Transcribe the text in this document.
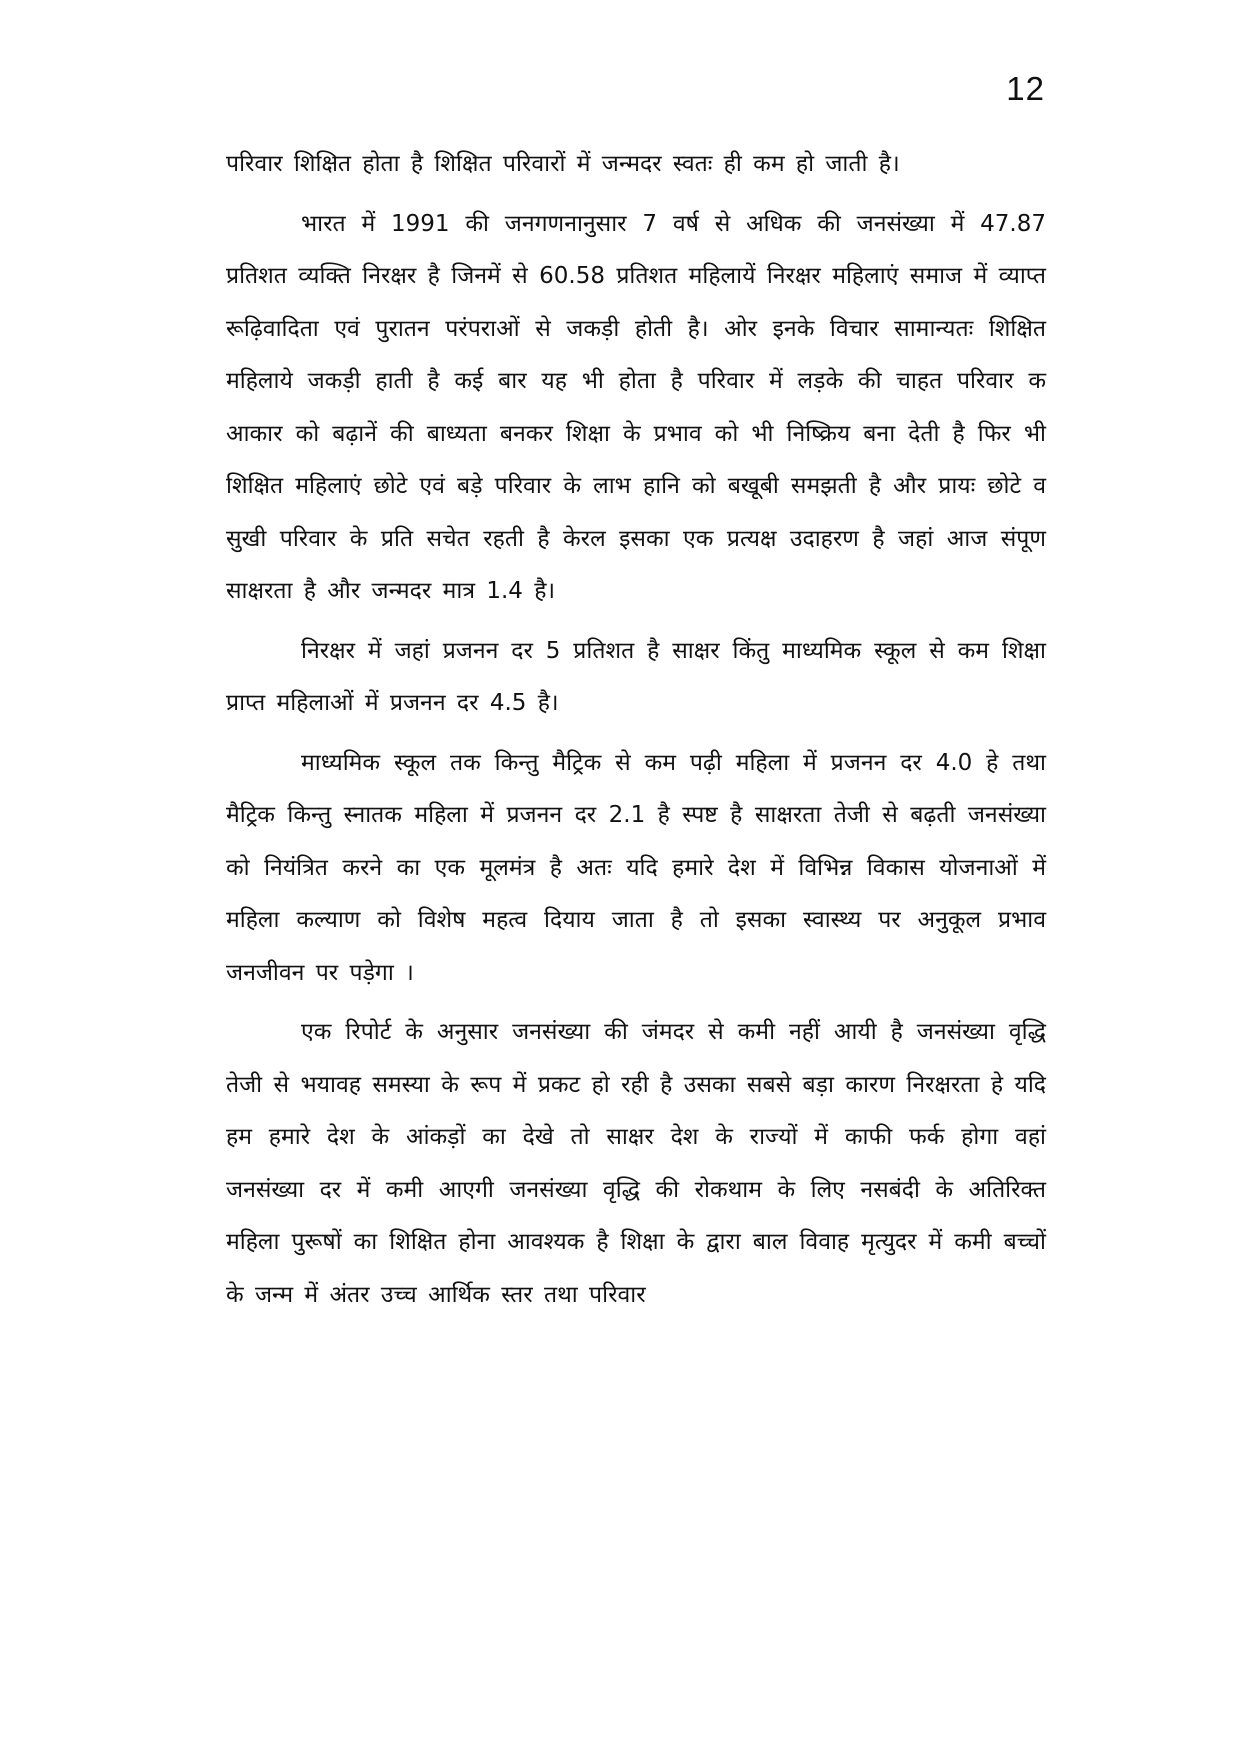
12

परिवार शिक्षित होता है शिक्षित परिवारों में जन्मदर स्वतः ही कम हो जाती है।

भारत में 1991 की जनगणनानुसार 7 वर्ष से अधिक की जनसंख्या में 47.87 प्रतिशत व्यक्ति निरक्षर है जिनमें से 60.58 प्रतिशत महिलायें निरक्षर महिलाएं समाज में व्याप्त रूढ़िवादिता एवं पुरातन परंपराओं से जकड़ी होती है। ओर इनके विचार सामान्यतः शिक्षित महिलाये जकड़ी हाती है कई बार यह भी होता है परिवार में लड़के की चाहत परिवार क आकार को बढ़ानें की बाध्यता बनकर शिक्षा के प्रभाव को भी निष्क्रिय बना देती है फिर भी शिक्षित महिलाएं छोटे एवं बड़े परिवार के लाभ हानि को बखूबी समझती है और प्रायः छोटे व सुखी परिवार के प्रति सचेत रहती है केरल इसका एक प्रत्यक्ष उदाहरण है जहां आज संपूण साक्षरता है और जन्मदर मात्र 1.4 है।

निरक्षर में जहां प्रजनन दर 5 प्रतिशत है साक्षर किंतु माध्यमिक स्कूल से कम शिक्षा प्राप्त महिलाओं में प्रजनन दर 4.5 है।

माध्यमिक स्कूल तक किन्तु मैट्रिक से कम पढ़ी महिला में प्रजनन दर 4.0 हे तथा मैट्रिक किन्तु स्नातक महिला में प्रजनन दर 2.1 है स्पष्ट है साक्षरता तेजी से बढ़ती जनसंख्या को नियंत्रित करने का एक मूलमंत्र है अतः यदि हमारे देश में विभिन्न विकास योजनाओं में महिला कल्याण को विशेष महत्व दियाय जाता है तो इसका स्वास्थ्य पर अनुकूल प्रभाव जनजीवन पर पड़ेगा ।

एक रिपोर्ट के अनुसार जनसंख्या की जंमदर से कमी नहीं आयी है जनसंख्या वृद्धि तेजी से भयावह समस्या के रूप में प्रकट हो रही है उसका सबसे बड़ा कारण निरक्षरता हे यदि हम हमारे देश के आंकड़ों का देखे तो साक्षर देश के राज्यों में काफी फर्क होगा वहां जनसंख्या दर में कमी आएगी जनसंख्या वृद्धि की रोकथाम के लिए नसबंदी के अतिरिक्त महिला पुरूषों का शिक्षित होना आवश्यक है शिक्षा के द्वारा बाल विवाह मृत्युदर में कमी बच्चों के जन्म में अंतर उच्च आर्थिक स्तर तथा परिवार
